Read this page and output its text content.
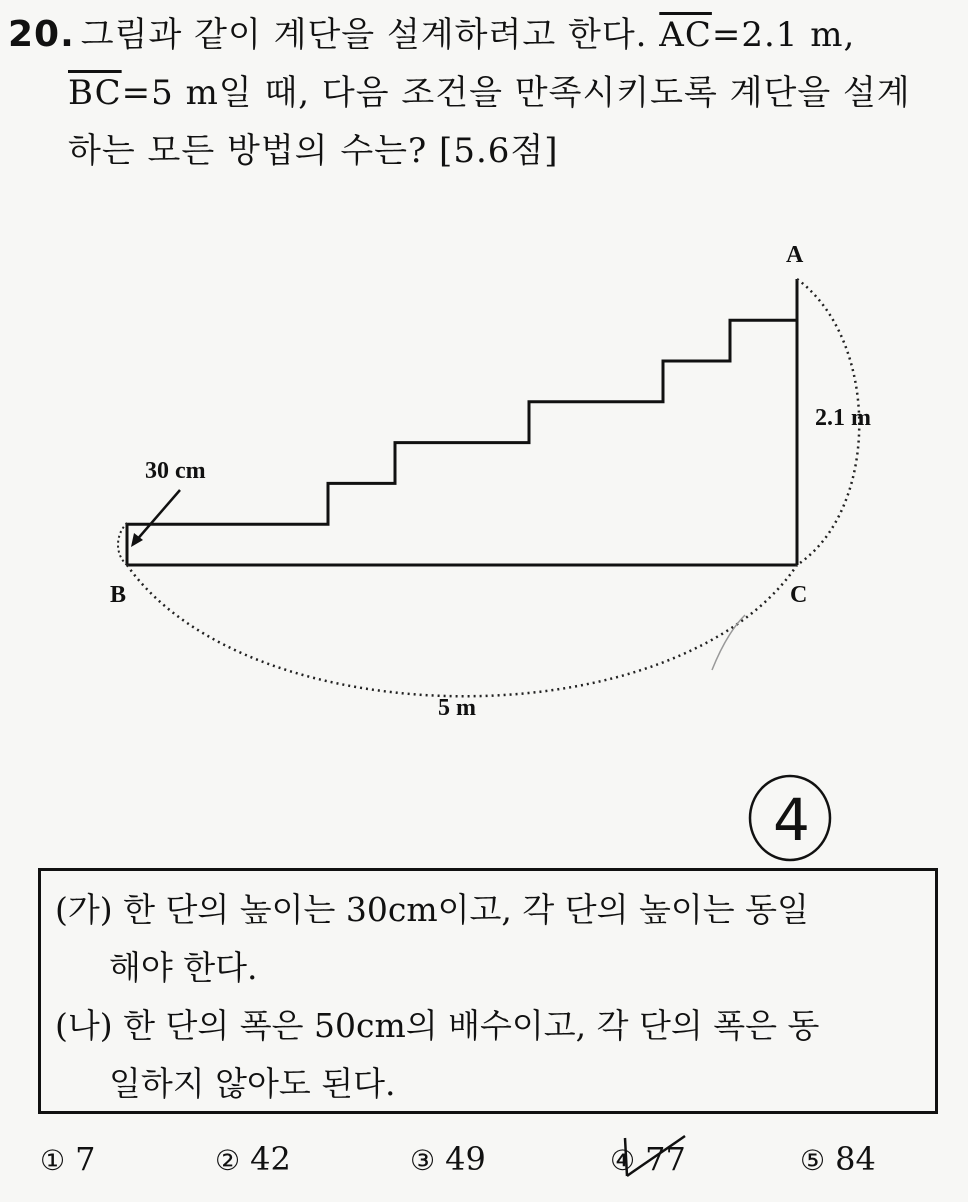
20. 그림과 같이 계단을 설계하려고 한다. $\overline{AC}=2.1$ m,
$\overline{BC}=5$ m일 때, 다음 조건을 만족시키도록 계단을 설계
하는 모든 방법의 수는? [5.6점]
A
B	C
2.1 m
5 m
30 cm
4

(가) 한 단의 높이는 30cm이고, 각 단의 높이는 동일
해야 한다.

(나) 한 단의 폭은 50cm의 배수이고, 각 단의 폭은 동
일하지 않아도 된다.

① 7	② 42	③ 49	④ 77	⑤ 84
